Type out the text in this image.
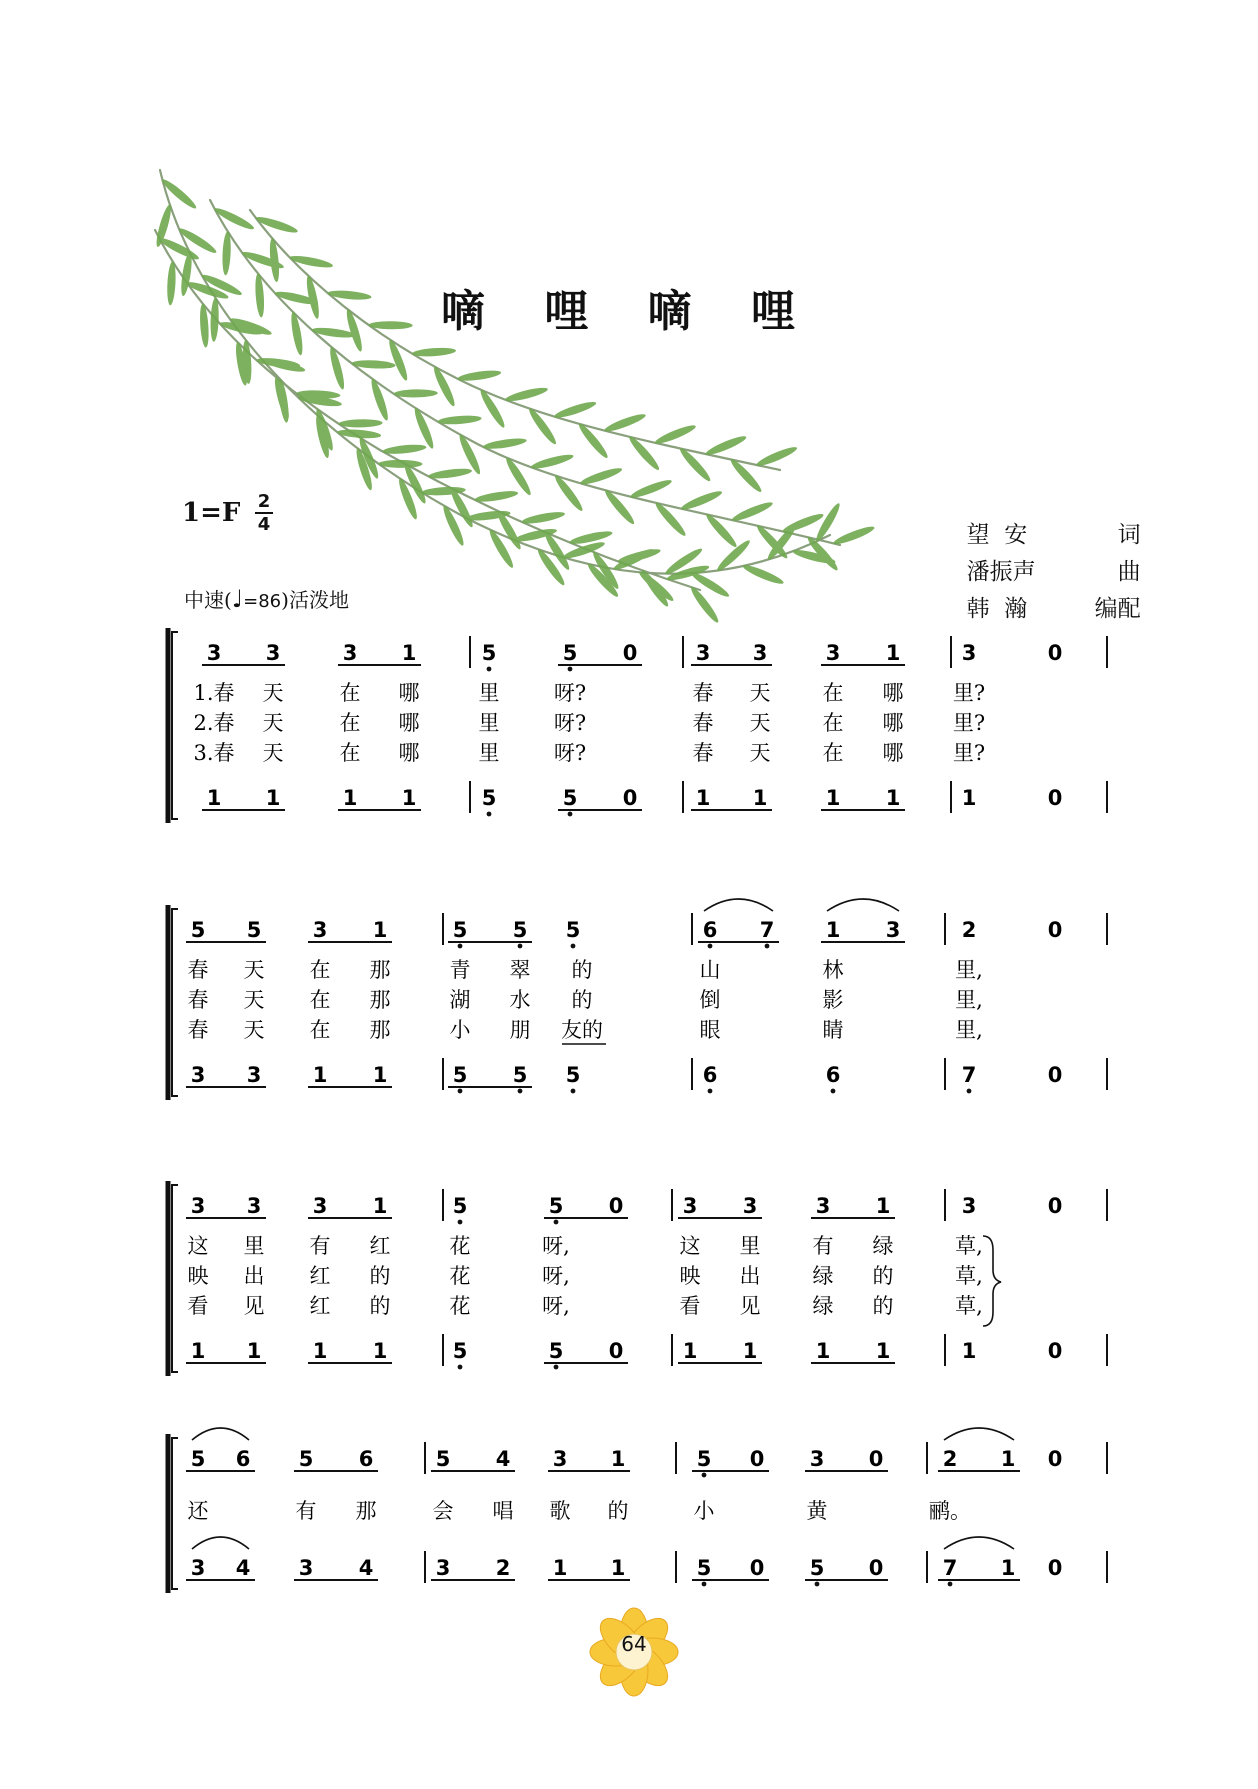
嘀 哩 嘀 哩
1=F 2
4
中速(♩=86)活泼地

望  安	词

潘振声	曲

韩  瀚	编配

3 3	3 1	5	5 0	3 3	3 1	3	0
1 1	1 1	5	5 0	1 1	1 1	1	0
1.春 天	在 哪	里	呀?	春 天 在 哪 里?
2.春 天	在 哪	里	呀?	春 天 在 哪 里?
3.春 天	在 哪	里	呀?	春 天 在 哪 里?
5 5 3 1	5 5 5	6 7 1 3	2	0
3 3 1 1	5 5 5	6	6	7	0
春 天 在 那	青 翠 的	山	林	里,
春 天 在 那	湖 水 的	倒	影	里,
春 天 在 那	小 朋 友的	眼	睛	里,
3 3 3 1	5	5 0	3 3	3 1	3	0
1 1 1 1	5	5 0	1 1	1 1	1	0
这 里 有 红	花	呀,	这 里 有 绿	草,
映 出 红 的	花	呀,	映 出 绿 的	草,
看 见 红 的	花	呀,	看 见 绿 的	草,
5 6 5 6	5 4 3 1	5 0 3 0	2 1 0
3 4 3 4	3 2 1 1	5 0 5 0	7 1 0
还	有 那	会 唱 歌 的	小	黄	鹂。
64
